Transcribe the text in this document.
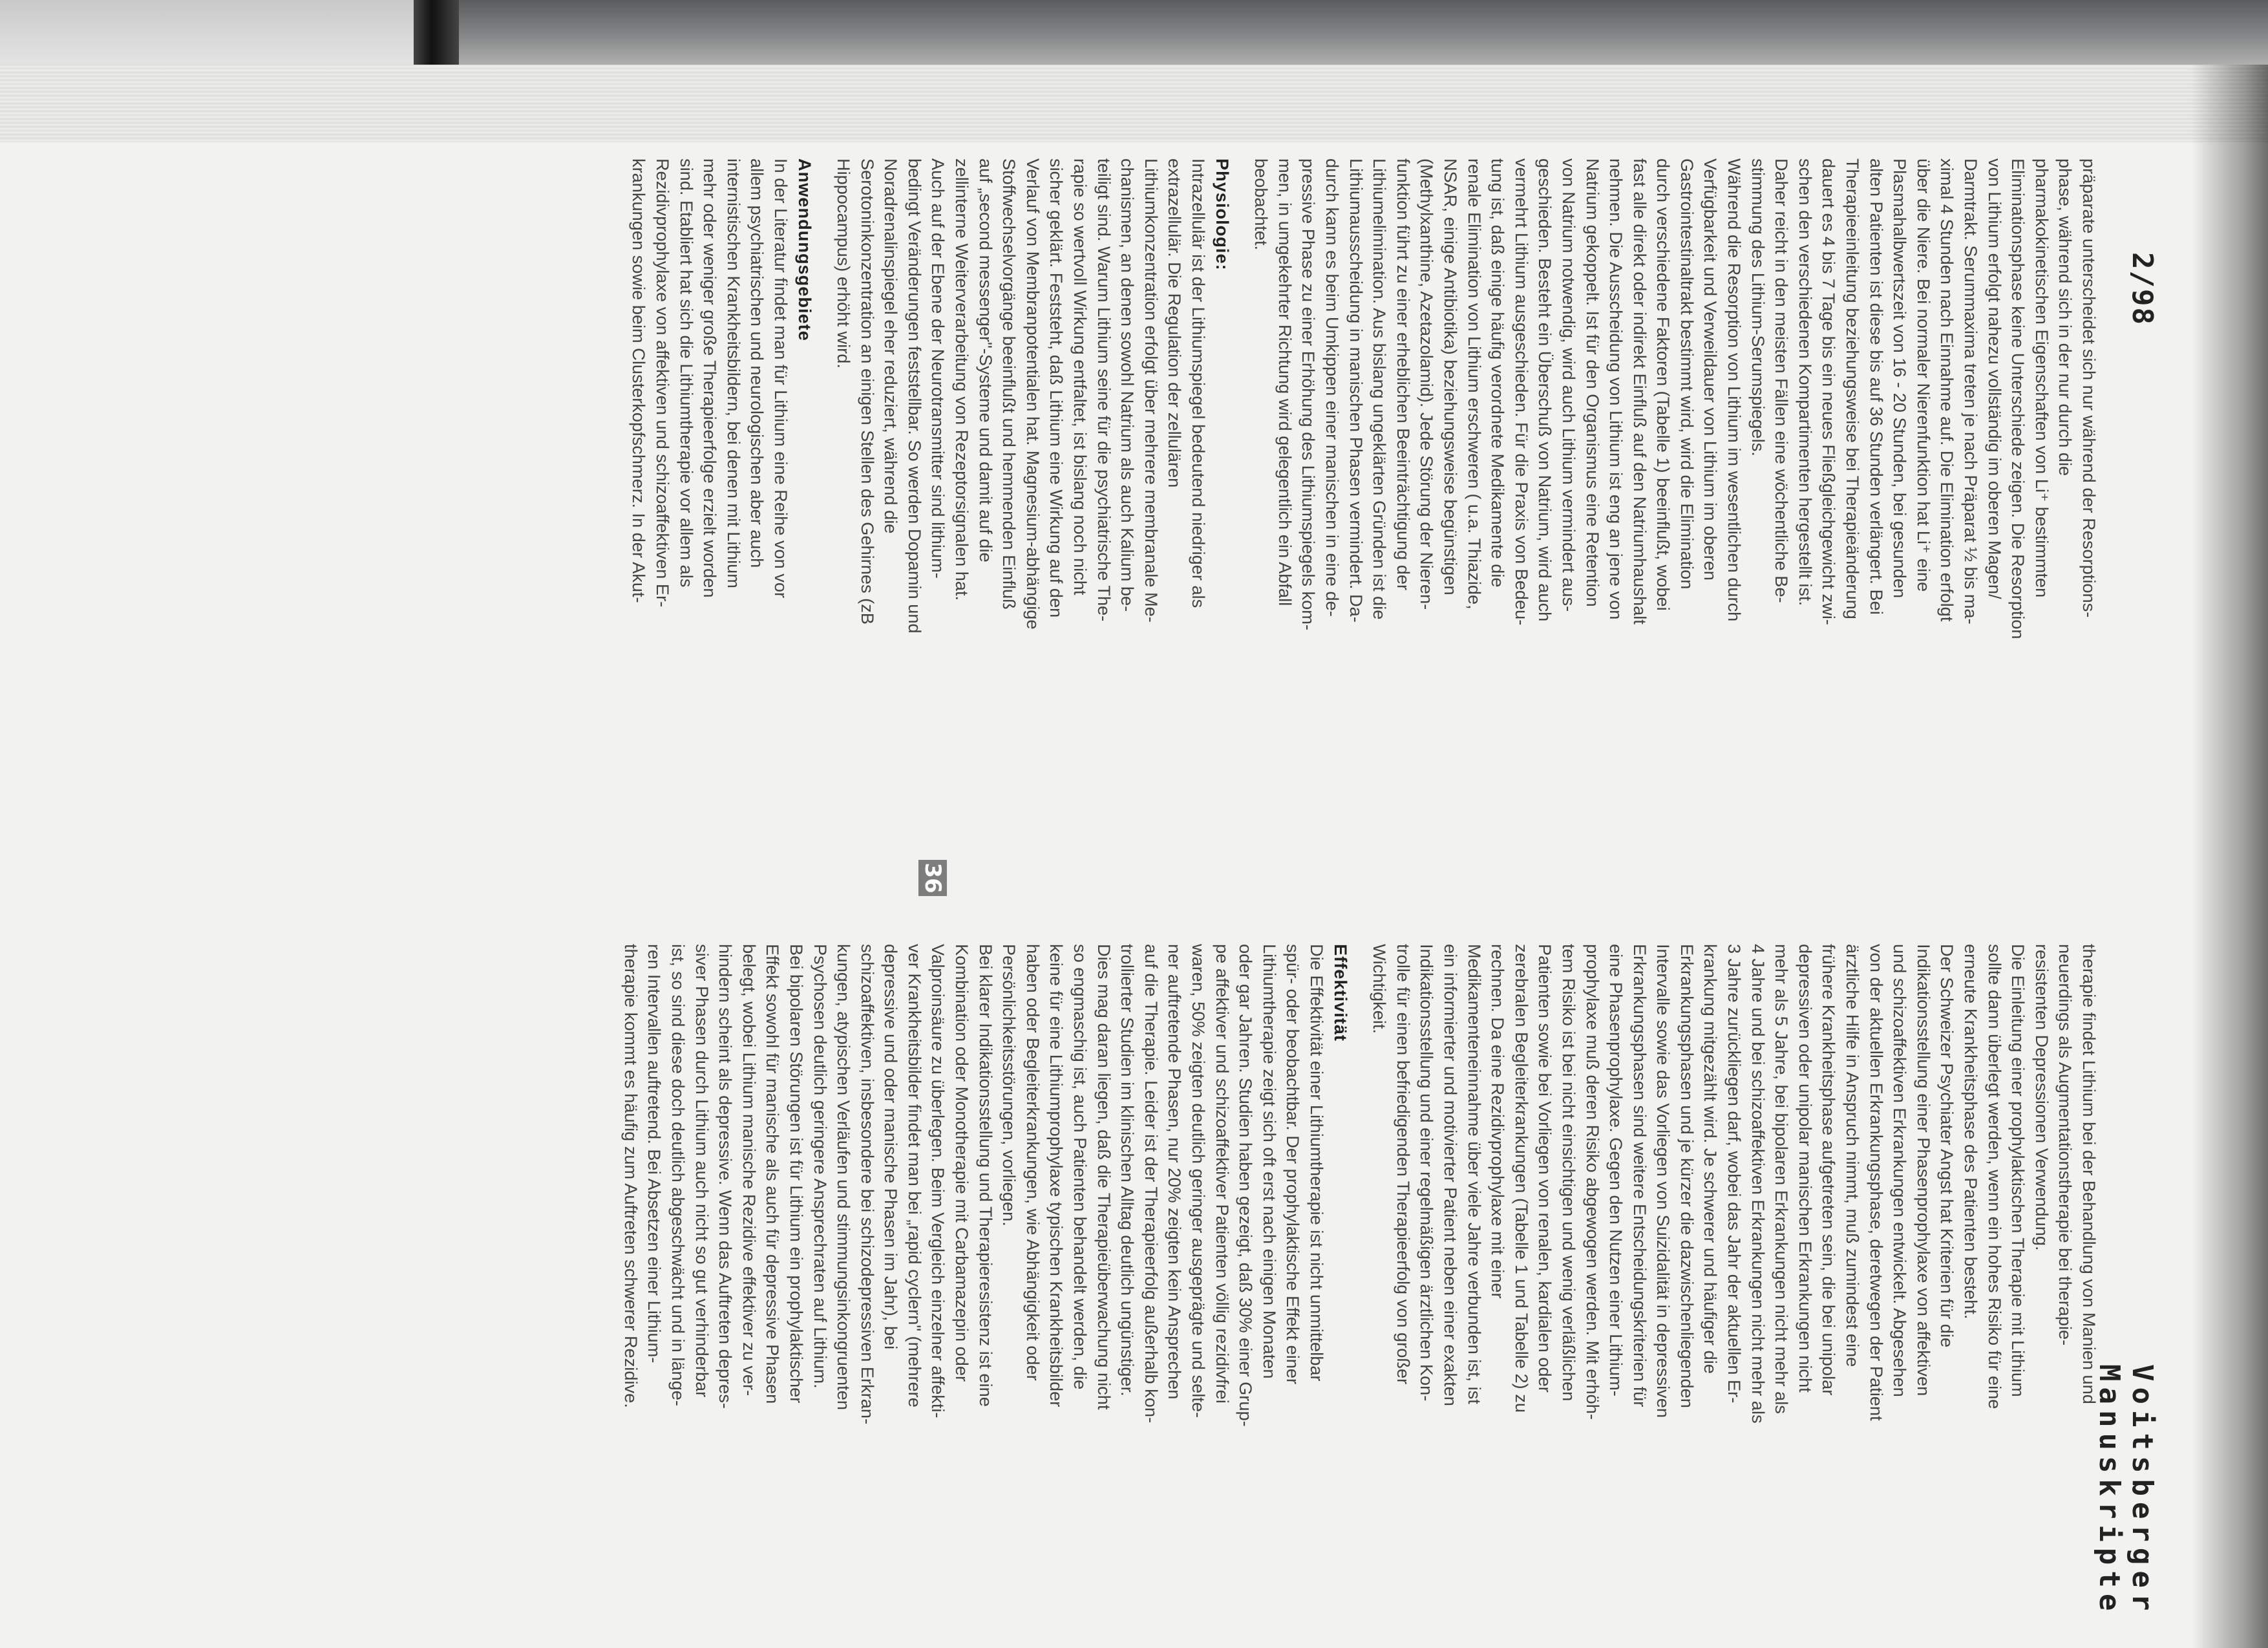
2/98
Voitsberger Manuskripte
präparate unterscheidet sich nur während der Resorptions-
phase, während sich in der nur durch die
pharmakokinetischen Eigenschaften von Li⁺ bestimmten
Eliminationsphase keine Unterschiede zeigen. Die Resorption
von Lithium erfolgt nahezu vollständig im oberen Magen/
Darmtrakt. Serummaxima treten je nach Präparat ½ bis ma-
ximal 4 Stunden nach Einnahme auf. Die Elimination erfolgt
über die Niere. Bei normaler Nierenfunktion hat Li⁺ eine
Plasmahalbwertszeit von 16 - 20 Stunden, bei gesunden
alten Patienten ist diese bis auf 36 Stunden verlängert. Bei
Therapieeinleitung beziehungsweise bei Therapieänderung
dauert es 4 bis 7 Tage bis ein neues Fließgleichgewicht zwi-
schen den verschiedenen Kompartimenten hergestellt ist.
Daher reicht in den meisten Fällen eine wöchentliche Be-
stimmung des Lithium-Serumspiegels.
Während die Resorption von Lithium im wesentlichen durch
Verfügbarkeit und Verweildauer von Lithium im oberen
Gastrointestinaltrakt bestimmt wird, wird die Elimination
durch verschiedene Faktoren (Tabelle 1) beeinflußt, wobei
fast alle direkt oder indirekt Einfluß auf den Natriumhaushalt
nehmen. Die Ausscheidung von Lithium ist eng an jene von
Natrium gekoppelt. Ist für den Organismus eine Retention
von Natrium notwendig, wird auch Lithium vermindert aus-
geschieden. Besteht ein Überschuß von Natrium, wird auch
vermehrt Lithium ausgeschieden. Für die Praxis von Bedeu-
tung ist, daß einige häufig verordnete Medikamente die
renale Elimination von Lithium erschweren ( u.a. Thiazide,
NSAR, einige Antibiotika) beziehungsweise begünstigen
(Methylxanthine, Azetazolamid). Jede Störung der Nieren-
funktion führt zu einer erheblichen Beeinträchtigung der
Lithiumelimination. Aus bislang ungeklärten Gründen ist die
Lithiumausscheidung in manischen Phasen vermindert. Da-
durch kann es beim Umkippen einer manischen in eine de-
pressive Phase zu einer Erhöhung des Lithiumspiegels kom-
men, in umgekehrter Richtung wird gelegentlich ein Abfall
beobachtet.
Physiologie:
Intrazellulär ist der Lithiumspiegel bedeutend niedriger als
extrazellulär. Die Regulation der zellulären
Lithiumkonzentration erfolgt über mehrere membranale Me-
chanismen, an denen sowohl Natrium als auch Kalium be-
teiligt sind. Warum Lithium seine für die psychiatrische The-
rapie so wertvoll Wirkung entfaltet, ist bislang noch nicht
sicher geklärt. Feststeht, daß Lithium eine Wirkung auf den
Verlauf von Membranpotentialen hat. Magnesium-abhängige
Stoffwechselvorgänge beeinflußt und hemmenden Einfluß
auf „second messenger"-Systeme und damit auf die
zellinterne Weiterverarbeitung von Rezeptorsignalen hat.
Auch auf der Ebene der Neurotransmitter sind lithium-
bedingt Veränderungen feststellbar. So werden Dopamin und
Noradrenalinspiegel eher reduziert, während die
Serotoninkonzentration an einigen Stellen des Gehirnes (zB
Hippocampus) erhöht wird.
Anwendungsgebiete
In der Literatur findet man für Lithium eine Reihe von vor
allem psychiatrischen und neurologischen aber auch
internistischen Krankheitsbildern, bei denen mit Lithium
mehr oder weniger große Therapieerfolge erzielt worden
sind. Etabliert hat sich die Lithiumtherapie vor allem als
Rezidivprophylaxe von affektiven und schizoaffektiven Er-
krankungen sowie beim Clusterkopfschmerz. In der Akut-
therapie findet Lithium bei der Behandlung von Manien und
neuerdings als Augmentationstherapie bei therapie-
resistenten Depressionen Verwendung.
Die Einleitung einer prophylaktischen Therapie mit Lithium
sollte dann überlegt werden, wenn ein hohes Risiko für eine
erneute Krankheitsphase des Patienten besteht.
Der Schweizer Psychiater Angst hat Kriterien für die
Indikationsstellung einer Phasenprophylaxe von affektiven
und schizoaffektiven Erkrankungen entwickelt. Abgesehen
von der aktuellen Erkrankungsphase, deretwegen der Patient
ärztliche Hilfe in Anspruch nimmt, muß zumindest eine
frühere Krankheitsphase aufgetreten sein, die bei unipolar
depressiven oder unipolar manischen Erkrankungen nicht
mehr als 5 Jahre, bei bipolaren Erkrankungen nicht mehr als
4 Jahre und bei schizoaffektiven Erkrankungen nicht mehr als
3 Jahre zurückliegen darf, wobei das Jahr der aktuellen Er-
krankung mitgezählt wird. Je schwerer und häufiger die
Erkrankungsphasen und je kürzer die dazwischenliegenden
Intervalle sowie das Vorliegen von Suizidalität in depressiven
Erkrankungsphasen sind weitere Entscheidungskriterien für
eine Phasenprophylaxe. Gegen den Nutzen einer Lithium-
prophylaxe muß deren Risiko abgewogen werden. Mit erhöh-
tem Risiko ist bei nicht einsichtigen und wenig verläßlichen
Patienten sowie bei Vorliegen von renalen, kardialen oder
zerebralen Begleiterkrankungen (Tabelle 1 und Tabelle 2) zu
rechnen. Da eine Rezidivprophylaxe mit einer
Medikamenteneinnahme über viele Jahre verbunden ist, ist
ein informierter und motivierter Patient neben einer exakten
Indikationsstellung und einer regelmäßigen ärztlichen Kon-
trolle für einen befriedigenden Therapieerfolg von großer
Wichtigkeit.
Effektivität
Die Effektivität einer Lithiumtherapie ist nicht unmittelbar
spür- oder beobachtbar. Der prophylaktische Effekt einer
Lithiumtherapie zeigt sich oft erst nach einigen Monaten
oder gar Jahren. Studien haben gezeigt, daß 30% einer Grup-
pe affektiver und schizoaffektiver Patienten völlig rezidivfrei
waren, 50% zeigten deutlich geringer ausgeprägte und selte-
ner auftretende Phasen, nur 20% zeigten kein Ansprechen
auf die Therapie. Leider ist der Therapieerfolg außerhalb kon-
trollierter Studien im klinischen Alltag deutlich ungünstiger.
Dies mag daran liegen, daß die Therapieüberwachung nicht
so engmaschig ist, auch Patienten behandelt werden, die
keine für eine Lithiumprophylaxe typischen Krankheitsbilder
haben oder Begleiterkrankungen, wie Abhängigkeit oder
Persönlichkeitsstörungen, vorliegen.
Bei klarer Indikationsstellung und Therapieresistenz ist eine
Kombination oder Monotherapie mit Carbamazepin oder
Valproinsäure zu überlegen. Beim Vergleich einzelner affekti-
ver Krankheitsbilder findet man bei „rapid cyclern" (mehrere
depressive und oder manische Phasen im Jahr), bei
schizoaffektiven, insbesondere bei schizodepressiven Erkran-
kungen, atypischen Verläufen und stimmungsinkongruenten
Psychosen deutlich geringere Ansprechraten auf Lithium.
Bei bipolaren Störungen ist für Lithium ein prophylaktischer
Effekt sowohl für manische als auch für depressive Phasen
belegt, wobei Lithium manische Rezidive effektiver zu ver-
hindern scheint als depressive. Wenn das Auftreten depres-
siver Phasen durch Lithium auch nicht so gut verhinderbar
ist, so sind diese doch deutlich abgeschwächt und in länge-
ren Intervallen auftretend. Bei Absetzen einer Lithium-
therapie kommt es häufig zum Auftreten schwerer Rezidive.
36
